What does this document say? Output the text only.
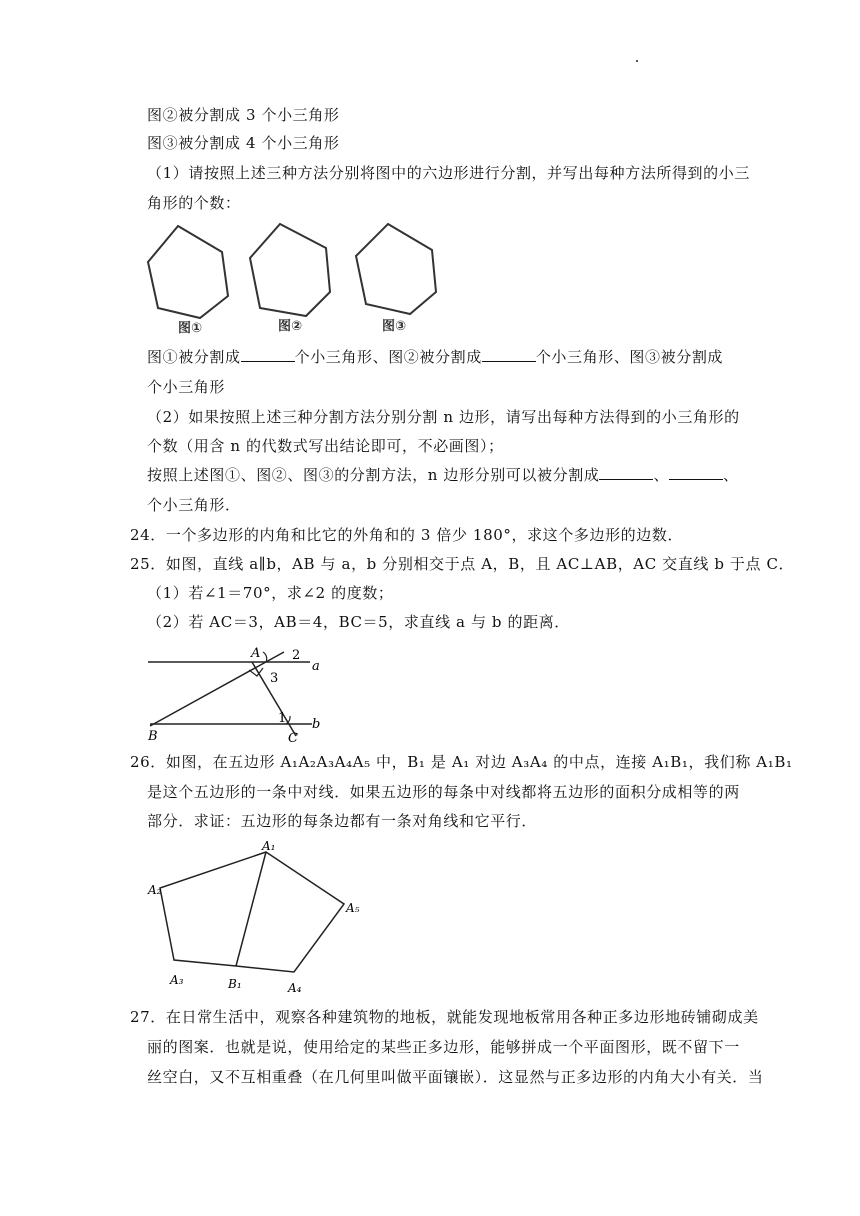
图②被分割成 3 个小三角形
图③被分割成 4 个小三角形
（1）请按照上述三种方法分别将图中的六边形进行分割，并写出每种方法所得到的小三
角形的个数：
图①	图②	图③
图①被分割成	个小三角形、图②被分割成	个小三角形、图③被分割成
个小三角形
（2）如果按照上述三种分割方法分别分割 n 边形，请写出每种方法得到的小三角形的
个数（用含 n 的代数式写出结论即可，不必画图）；
按照上述图①、图②、图③的分割方法，n 边形分别可以被分割成	、	、
个小三角形．
24．一个多边形的内角和比它的外角和的 3 倍少 180°，求这个多边形的边数．
25．如图，直线 a∥b，AB 与 a，b 分别相交于点 A，B，且 AC⊥AB，AC 交直线 b 于点 C．
（1）若∠1＝70°，求∠2 的度数；
（2）若 AC＝3，AB＝4，BC＝5，求直线 a 与 b 的距离．
A 2
a
3
1 b
B	C
26．如图，在五边形 A₁A₂A₃A₄A₅ 中，B₁ 是 A₁ 对边 A₃A₄ 的中点，连接 A₁B₁，我们称 A₁B₁
是这个五边形的一条中对线．如果五边形的每条中对线都将五边形的面积分成相等的两
部分．求证：五边形的每条边都有一条对角线和它平行．
A₁
A₂
A₃	B₁	A₄
A₅
27．在日常生活中，观察各种建筑物的地板，就能发现地板常用各种正多边形地砖铺砌成美
丽的图案．也就是说，使用给定的某些正多边形，能够拼成一个平面图形，既不留下一
丝空白，又不互相重叠（在几何里叫做平面镶嵌）．这显然与正多边形的内角大小有关．当
